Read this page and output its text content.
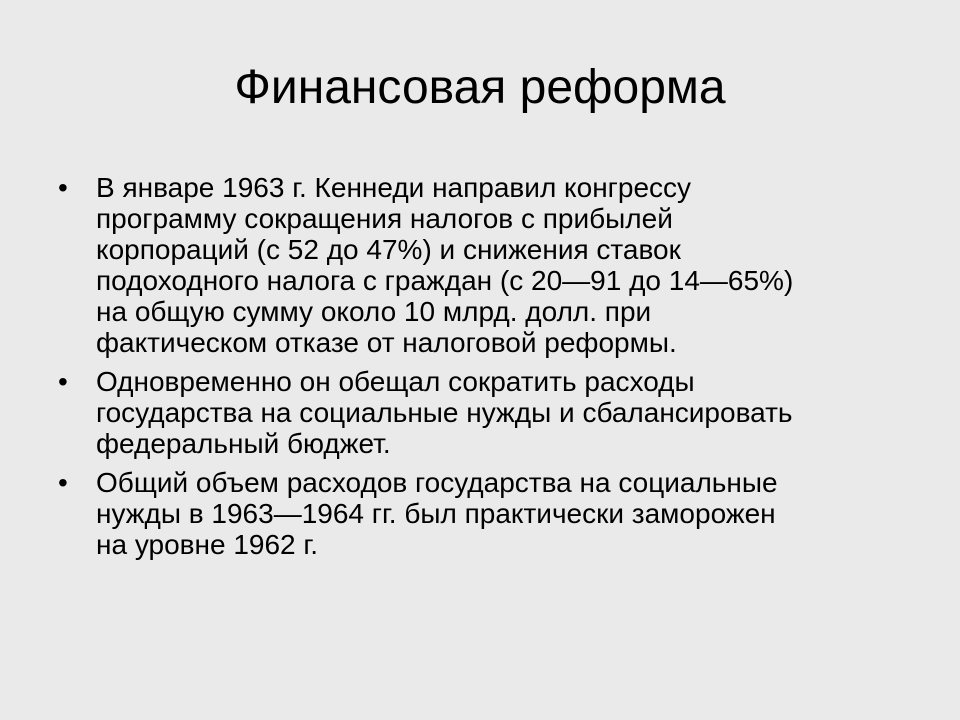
Финансовая реформа
• В январе 1963 г. Кеннеди направил конгрессу
программу сокращения налогов с прибылей
корпораций (с 52 до 47%) и снижения ставок
подоходного налога с граждан (с 20—91 до 14—65%)
на общую сумму около 10 млрд. долл. при
фактическом отказе от налоговой реформы.
• Одновременно он обещал сократить расходы
государства на социальные нужды и сбалансировать
федеральный бюджет.
• Общий объем расходов государства на социальные
нужды в 1963—1964 гг. был практически заморожен
на уровне 1962 г.
